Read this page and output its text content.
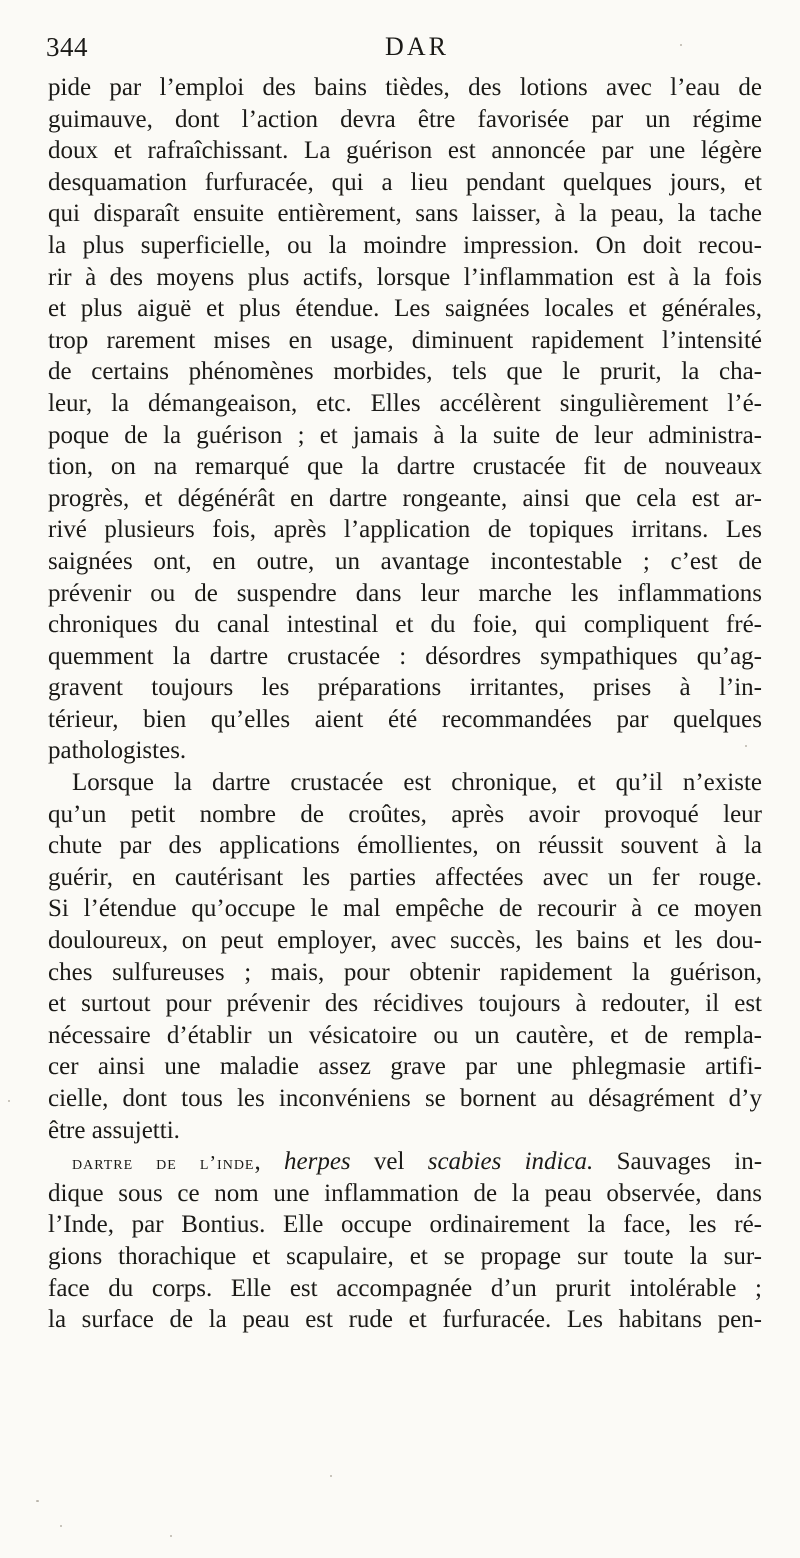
344	DAR
pide par l’emploi des bains tièdes, des lotions avec l’eau de
guimauve, dont l’action devra être favorisée par un régime
doux et rafraîchissant. La guérison est annoncée par une légère
desquamation furfuracée, qui a lieu pendant quelques jours, et
qui disparaît ensuite entièrement, sans laisser, à la peau, la tache
la plus superficielle, ou la moindre impression. On doit recou-
rir à des moyens plus actifs, lorsque l’inflammation est à la fois
et plus aiguë et plus étendue. Les saignées locales et générales,
trop rarement mises en usage, diminuent rapidement l’intensité
de certains phénomènes morbides, tels que le prurit, la cha-
leur, la démangeaison, etc. Elles accélèrent singulièrement l’é-
poque de la guérison ; et jamais à la suite de leur administra-
tion, on na remarqué que la dartre crustacée fit de nouveaux
progrès, et dégénérât en dartre rongeante, ainsi que cela est ar-
rivé plusieurs fois, après l’application de topiques irritans. Les
saignées ont, en outre, un avantage incontestable ; c’est de
prévenir ou de suspendre dans leur marche les inflammations
chroniques du canal intestinal et du foie, qui compliquent fré-
quemment la dartre crustacée : désordres sympathiques qu’ag-
gravent toujours les préparations irritantes, prises à l’in-
térieur, bien qu’elles aient été recommandées par quelques
pathologistes.
Lorsque la dartre crustacée est chronique, et qu’il n’existe
qu’un petit nombre de croûtes, après avoir provoqué leur
chute par des applications émollientes, on réussit souvent à la
guérir, en cautérisant les parties affectées avec un fer rouge.
Si l’étendue qu’occupe le mal empêche de recourir à ce moyen
douloureux, on peut employer, avec succès, les bains et les dou-
ches sulfureuses ; mais, pour obtenir rapidement la guérison,
et surtout pour prévenir des récidives toujours à redouter, il est
nécessaire d’établir un vésicatoire ou un cautère, et de rempla-
cer ainsi une maladie assez grave par une phlegmasie artifi-
cielle, dont tous les inconvéniens se bornent au désagrément d’y
être assujetti.
dartre de l’inde, herpes vel scabies indica. Sauvages in-
dique sous ce nom une inflammation de la peau observée, dans
l’Inde, par Bontius. Elle occupe ordinairement la face, les ré-
gions thorachique et scapulaire, et se propage sur toute la sur-
face du corps. Elle est accompagnée d’un prurit intolérable ;
la surface de la peau est rude et furfuracée. Les habitans pen-
